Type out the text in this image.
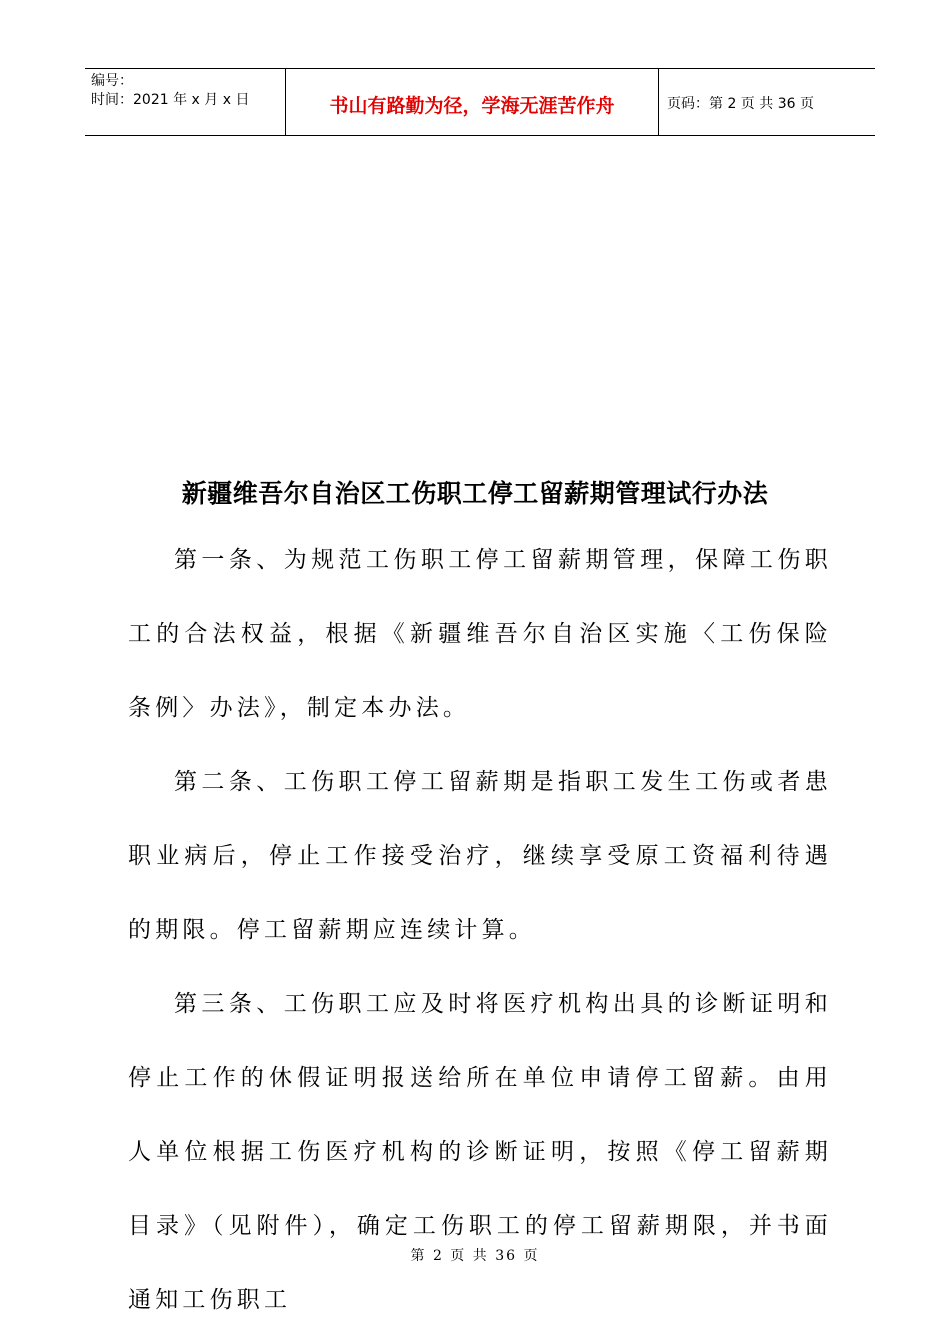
编号：
时间：2021 年 x 月 x 日	书山有路勤为径，学海无涯苦作舟	页码：第 2 页 共 36 页
新疆维吾尔自治区工伤职工停工留薪期管理试行办法

第一条、为规范工伤职工停工留薪期管理，保障工伤职工的合法权益，根据《新疆维吾尔自治区实施〈工伤保险条例〉办法》，制定本办法。

第二条、工伤职工停工留薪期是指职工发生工伤或者患职业病后，停止工作接受治疗，继续享受原工资福利待遇的期限。停工留薪期应连续计算。

第三条、工伤职工应及时将医疗机构出具的诊断证明和停止工作的休假证明报送给所在单位申请停工留薪。由用人单位根据工伤医疗机构的诊断证明，按照《停工留薪期目录》（见附件），确定工伤职工的停工留薪期限，并书面通知工伤职工

第 2 页 共 36 页
